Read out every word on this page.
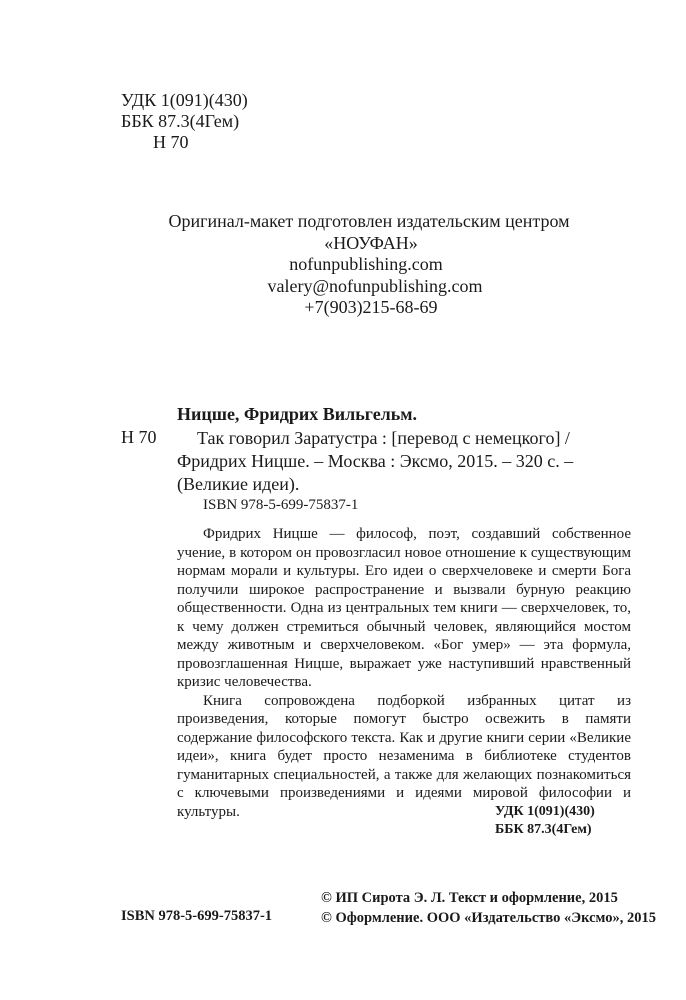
УДК 1(091)(430)
ББК 87.3(4Гем)
Н 70
Оригинал-макет подготовлен издательским центром
«НОУФАН»
nofunpublishing.com
valery@nofunpublishing.com
+7(903)215-68-69
Ницше, Фридрих Вильгельм.
Н 70	Так говорил Заратустра : [перевод с немецкого] /
Фридрих Ницше. – Москва : Эксмо, 2015. – 320 с. –
(Великие идеи).
ISBN 978-5-699-75837-1

Фридрих Ницше — философ, поэт, создавший собственное учение, в котором он провозгласил новое отношение к существующим нормам морали и культуры. Его идеи о сверхчеловеке и смерти Бога получили широкое распространение и вызвали бурную реакцию общественности. Одна из центральных тем книги — сверхчеловек, то, к чему должен стремиться обычный человек, являющийся мостом между животным и сверхчеловеком. «Бог умер» — эта формула, провозглашенная Ницше, выражает уже наступивший нравственный кризис человечества.

Книга сопровождена подборкой избранных цитат из произведения, которые помогут быстро освежить в памяти содержание философского текста. Как и другие книги серии «Великие идеи», книга будет просто незаменима в библиотеке студентов гуманитарных специальностей, а также для желающих познакомиться с ключевыми произведениями и идеями мировой философии и культуры.	УДК 1(091)(430)
ББК 87.3(4Гем)
ISBN 978-5-699-75837-1
© ИП Сирота Э. Л. Текст и оформление, 2015
© Оформление. ООО «Издательство «Эксмо», 2015
